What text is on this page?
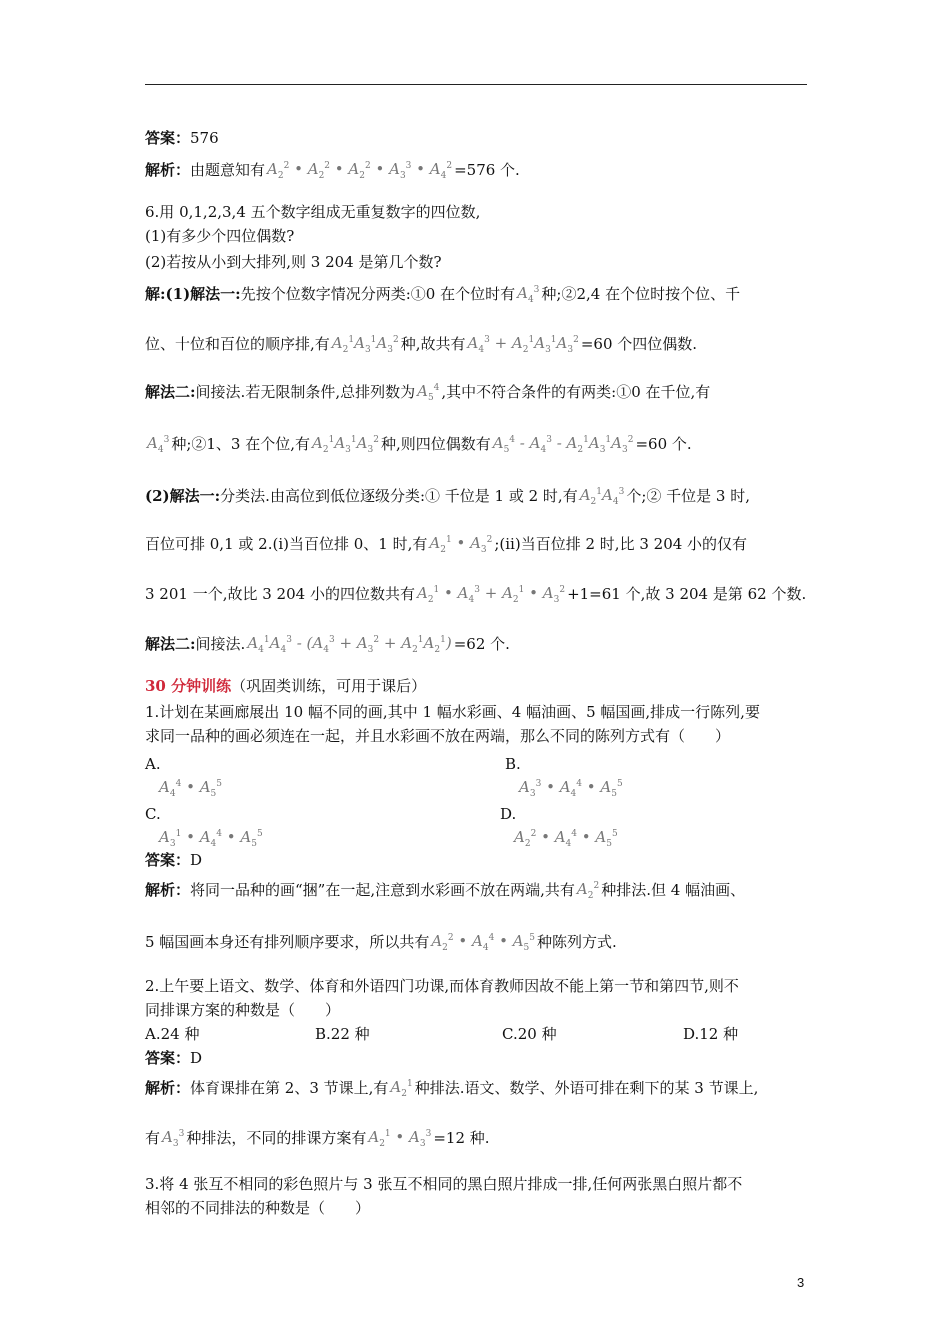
答案：576
解析：由题意知有 $A_2^2$ • $A_2^2$ • $A_2^2$ • $A_3^3$ • $A_4^2 =576$ 个.
6.用 0,1,2,3,4 五个数字组成无重复数字的四位数,
(1)有多少个四位偶数?
(2)若按从小到大排列,则 3 204 是第几个数?
解:(1)解法一:先按个位数字情况分两类:①0 在个位时有 $A_4^3$ 种;②2,4 在个位时按个位、千
位、十位和百位的顺序排,有 $A_2^1A_3^1A_3^2$ 种,故共有 $A_4^3 + A_2^1A_3^1A_3^2 =60$ 个四位偶数.
解法二:间接法.若无限制条件,总排列数为 $A_5^4$ ,其中不符合条件的有两类:①0 在千位,有
$A_4^3$ 种;②1、3 在个位,有 $A_2^1A_3^1A_3^2$ 种,则四位偶数有 $A_5^4 - A_4^3 - A_2^1A_3^1A_3^2 =60$ 个.
(2)解法一:分类法.由高位到低位逐级分类:① 千位是 1 或 2 时,有 $A_2^1A_4^3$ 个;② 千位是 3 时,
百位可排 0,1 或 2.(ⅰ)当百位排 0、1 时,有 $A_2^1$ • $A_3^2$ ;(ⅱ)当百位排 2 时,比 3 204 小的仅有
3 201 一个,故比 3 204 小的四位数共有 $A_2^1$ • $A_4^3 + A_2^1$ • $A_3^2 +1=61$ 个,故 3 204 是第 62 个数.
解法二:间接法. $A_4^1A_4^3 - (A_4^3 + A_3^2 + A_2^1A_2^1) =62$ 个.
30 分钟训练（巩固类训练，可用于课后）
1.计划在某画廊展出 10 幅不同的画,其中 1 幅水彩画、4 幅油画、5 幅国画,排成一行陈列,要
求同一品种的画必须连在一起，并且水彩画不放在两端，那么不同的陈列方式有（　　）
A.
$A_4^4$ • $A_5^5$
B.
$A_3^3$ • $A_4^4$ • $A_5^5$
C.
$A_3^1$ • $A_4^4$ • $A_5^5$
D.
$A_2^2$ • $A_4^4$ • $A_5^5$
答案：D
解析：将同一品种的画“捆”在一起,注意到水彩画不放在两端,共有 $A_2^2$ 种排法.但 4 幅油画、
5 幅国画本身还有排列顺序要求，所以共有 $A_2^2$ • $A_4^4$ • $A_5^5$ 种陈列方式.
2.上午要上语文、数学、体育和外语四门功课,而体育教师因故不能上第一节和第四节,则不
同排课方案的种数是（　　）
A.24 种	B.22 种	C.20 种	D.12 种
答案：D
解析：体育课排在第 2、3 节课上,有 $A_2^1$ 种排法.语文、数学、外语可排在剩下的某 3 节课上,
有 $A_3^3$ 种排法，不同的排课方案有 $A_2^1$ • $A_3^3 =12$ 种.
3.将 4 张互不相同的彩色照片与 3 张互不相同的黑白照片排成一排,任何两张黑白照片都不
相邻的不同排法的种数是（　　）
3
